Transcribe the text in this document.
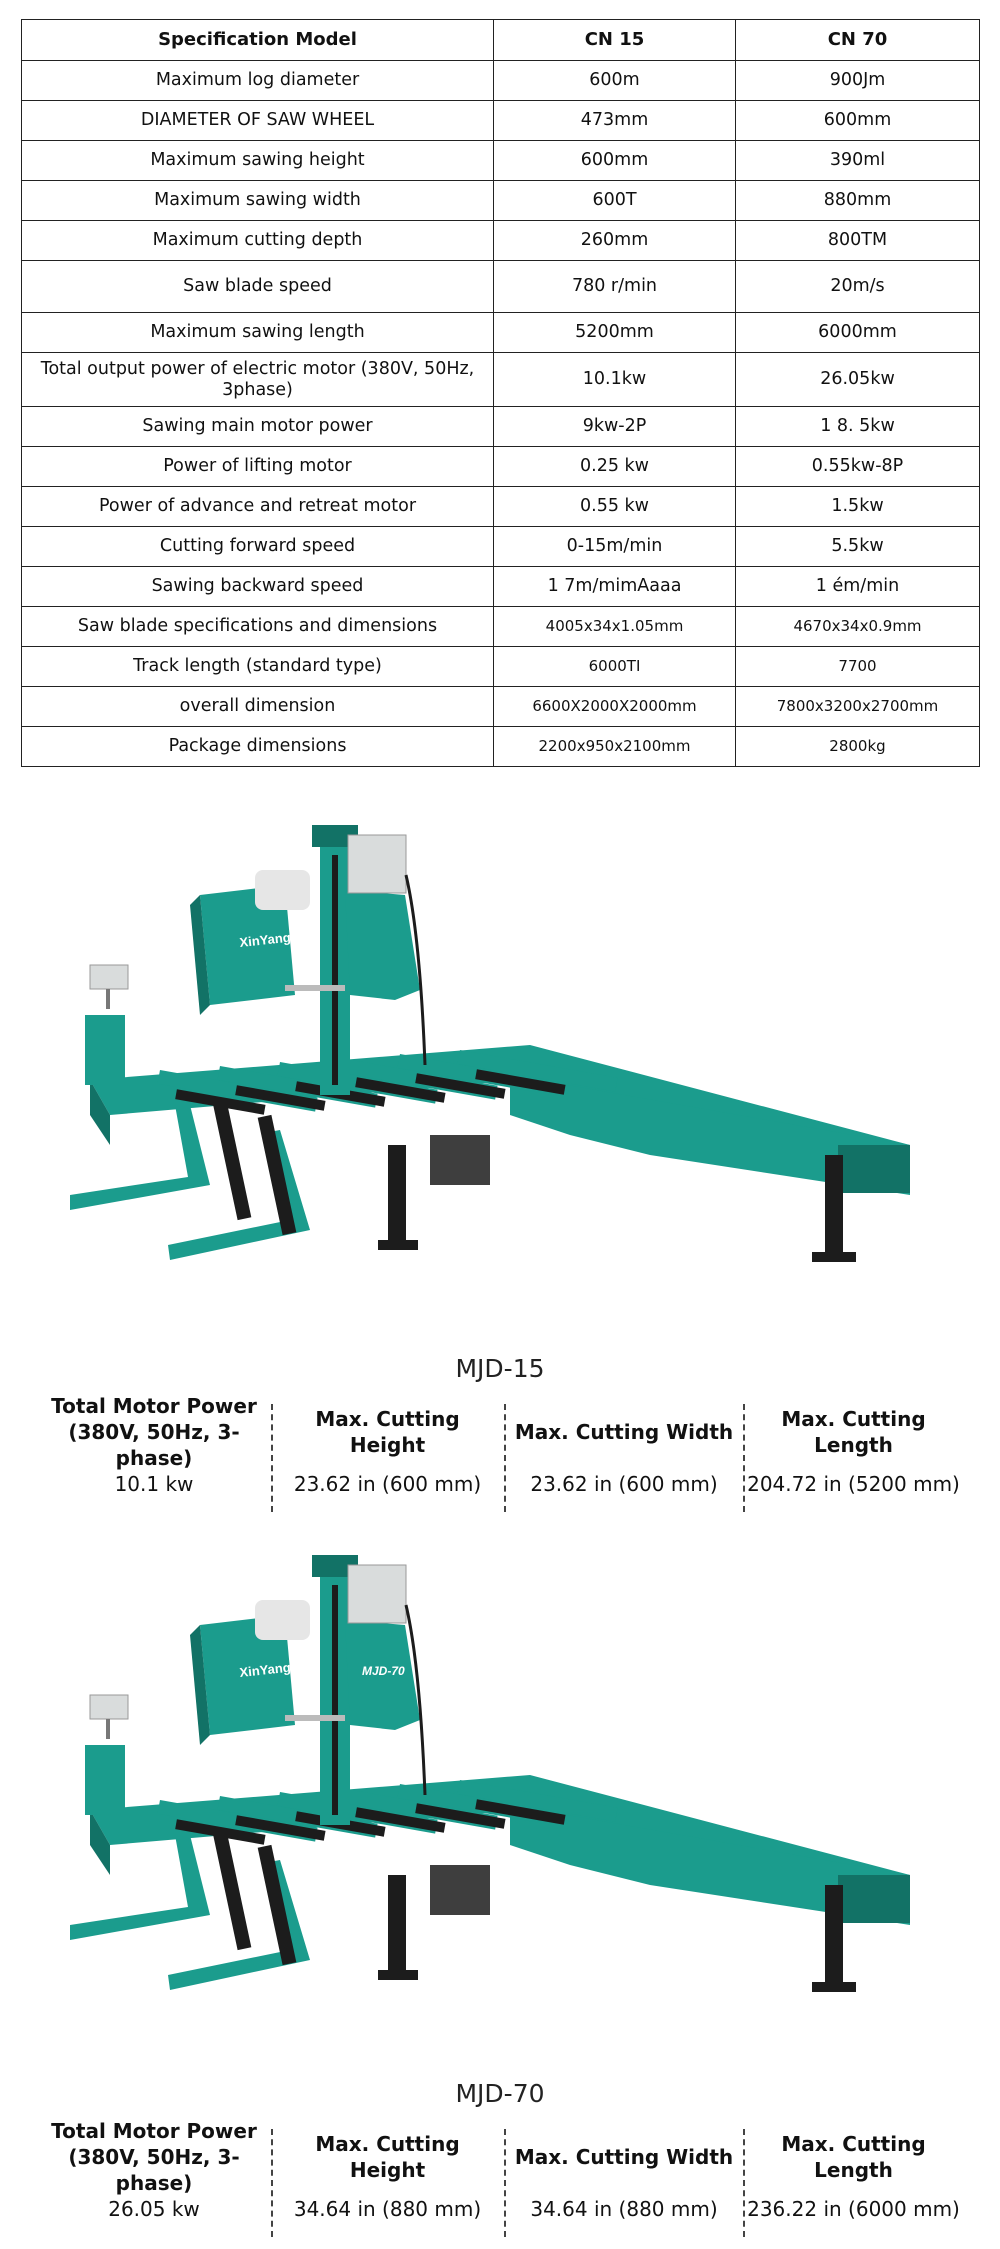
Specification Model	CN 15	CN 70
Maximum log diameter	600m	900Jm
DIAMETER OF SAW WHEEL	473mm	600mm
Maximum sawing height	600mm	390ml
Maximum sawing width	600T	880mm
Maximum cutting depth	260mm	800TM
Saw blade speed	780 r/min	20m/s
Maximum sawing length	5200mm	6000mm
Total output power of electric motor (380V, 50Hz, 3phase)	10.1kw	26.05kw
Sawing main motor power	9kw-2P	1 8. 5kw
Power of lifting motor	0.25 kw	0.55kw-8P
Power of advance and retreat motor	0.55 kw	1.5kw
Cutting forward speed	0-15m/min	5.5kw
Sawing backward speed	1 7m/mimAaaa	1 ém/min
Saw blade specifications and dimensions	4005x34x1.05mm	4670x34x0.9mm
Track length (standard type)	6000TI	7700
overall dimension	6600X2000X2000mm	7800x3200x2700mm
Package dimensions	2200x950x2100mm	2800kg
XinYang
MJD-15
Total Motor Power (380V, 50Hz, 3-phase)
10.1 kw
Max. Cutting Height
23.62 in (600 mm)
Max. Cutting Width
23.62 in (600 mm)
Max. Cutting Length
204.72 in (5200 mm)
XinYang	MJD-70
MJD-70
Total Motor Power (380V, 50Hz, 3-phase)
26.05 kw
Max. Cutting Height
34.64 in (880 mm)
Max. Cutting Width
34.64 in (880 mm)
Max. Cutting Length
236.22 in (6000 mm)
